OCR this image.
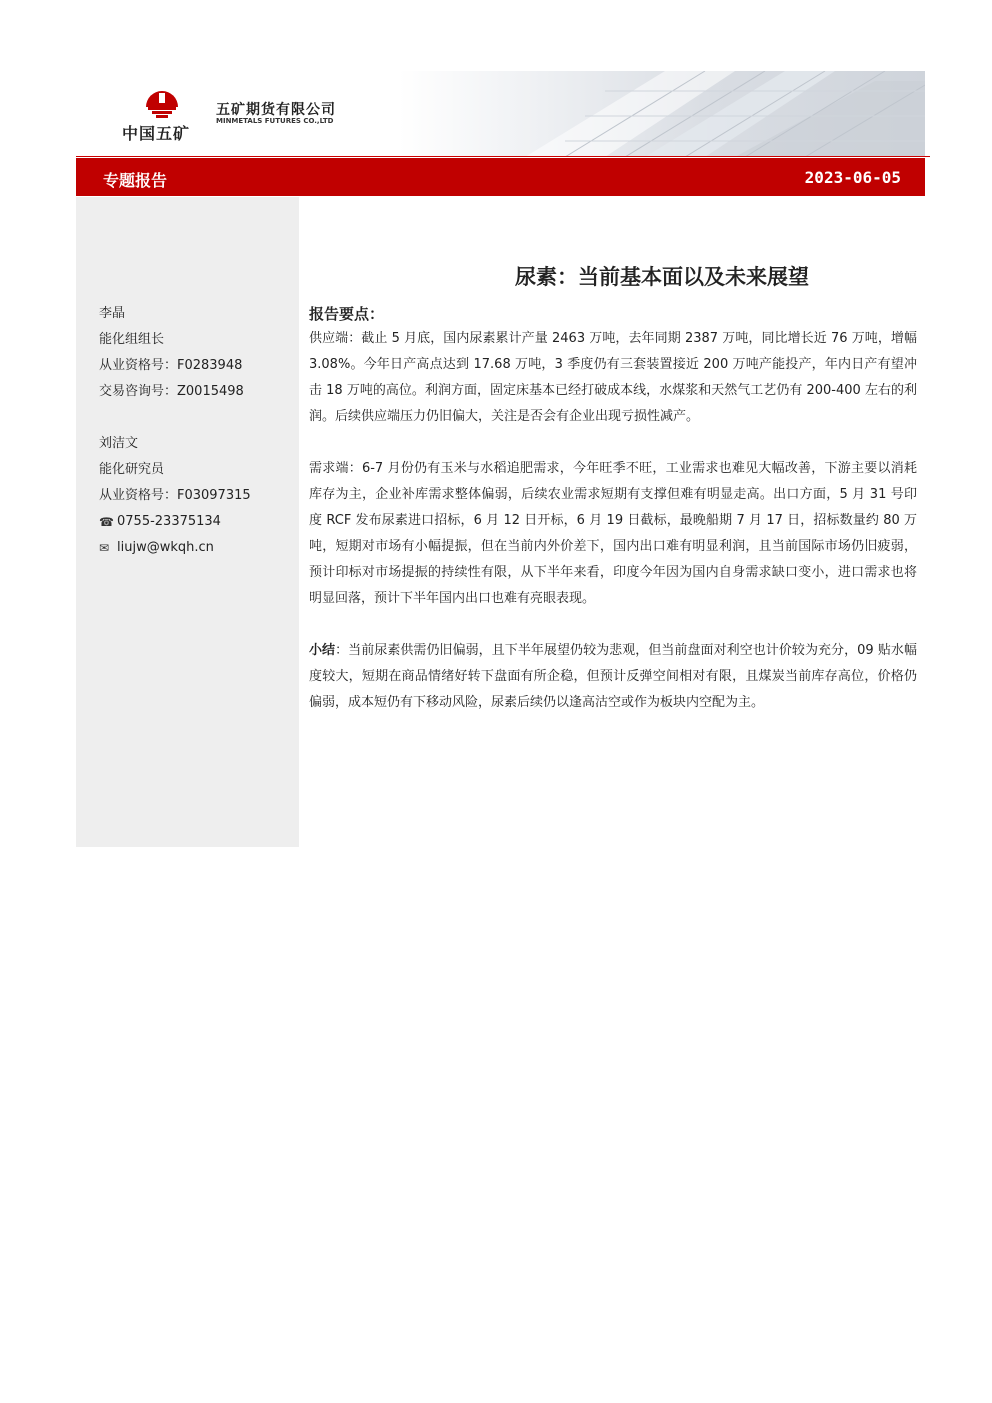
中国五矿
五矿期货有限公司
MINMETALS FUTURES CO.,LTD
专题报告	2023-06-05
李晶
能化组组长
从业资格号：F0283948
交易咨询号：Z0015498
刘洁文
能化研究员
从业资格号：F03097315
☎ 0755-23375134
✉ liujw@wkqh.cn
尿素：当前基本面以及未来展望
报告要点：

供应端：截止 5 月底，国内尿素累计产量 2463 万吨，去年同期 2387 万吨，同比增长近 76 万吨，增幅 3.08%。今年日产高点达到 17.68 万吨，3 季度仍有三套装置接近 200 万吨产能投产，年内日产有望冲击 18 万吨的高位。利润方面，固定床基本已经打破成本线，水煤浆和天然气工艺仍有 200-400 左右的利润。后续供应端压力仍旧偏大，关注是否会有企业出现亏损性减产。

需求端：6-7 月份仍有玉米与水稻追肥需求，今年旺季不旺，工业需求也难见大幅改善，下游主要以消耗库存为主，企业补库需求整体偏弱，后续农业需求短期有支撑但难有明显走高。出口方面，5 月 31 号印度 RCF 发布尿素进口招标，6 月 12 日开标，6 月 19 日截标，最晚船期 7 月 17 日，招标数量约 80 万吨，短期对市场有小幅提振，但在当前内外价差下，国内出口难有明显利润，且当前国际市场仍旧疲弱，预计印标对市场提振的持续性有限，从下半年来看，印度今年因为国内自身需求缺口变小，进口需求也将明显回落，预计下半年国内出口也难有亮眼表现。

小结：当前尿素供需仍旧偏弱，且下半年展望仍较为悲观，但当前盘面对利空也计价较为充分，09 贴水幅度较大，短期在商品情绪好转下盘面有所企稳，但预计反弹空间相对有限，且煤炭当前库存高位，价格仍偏弱，成本短仍有下移动风险，尿素后续仍以逢高沽空或作为板块内空配为主。
